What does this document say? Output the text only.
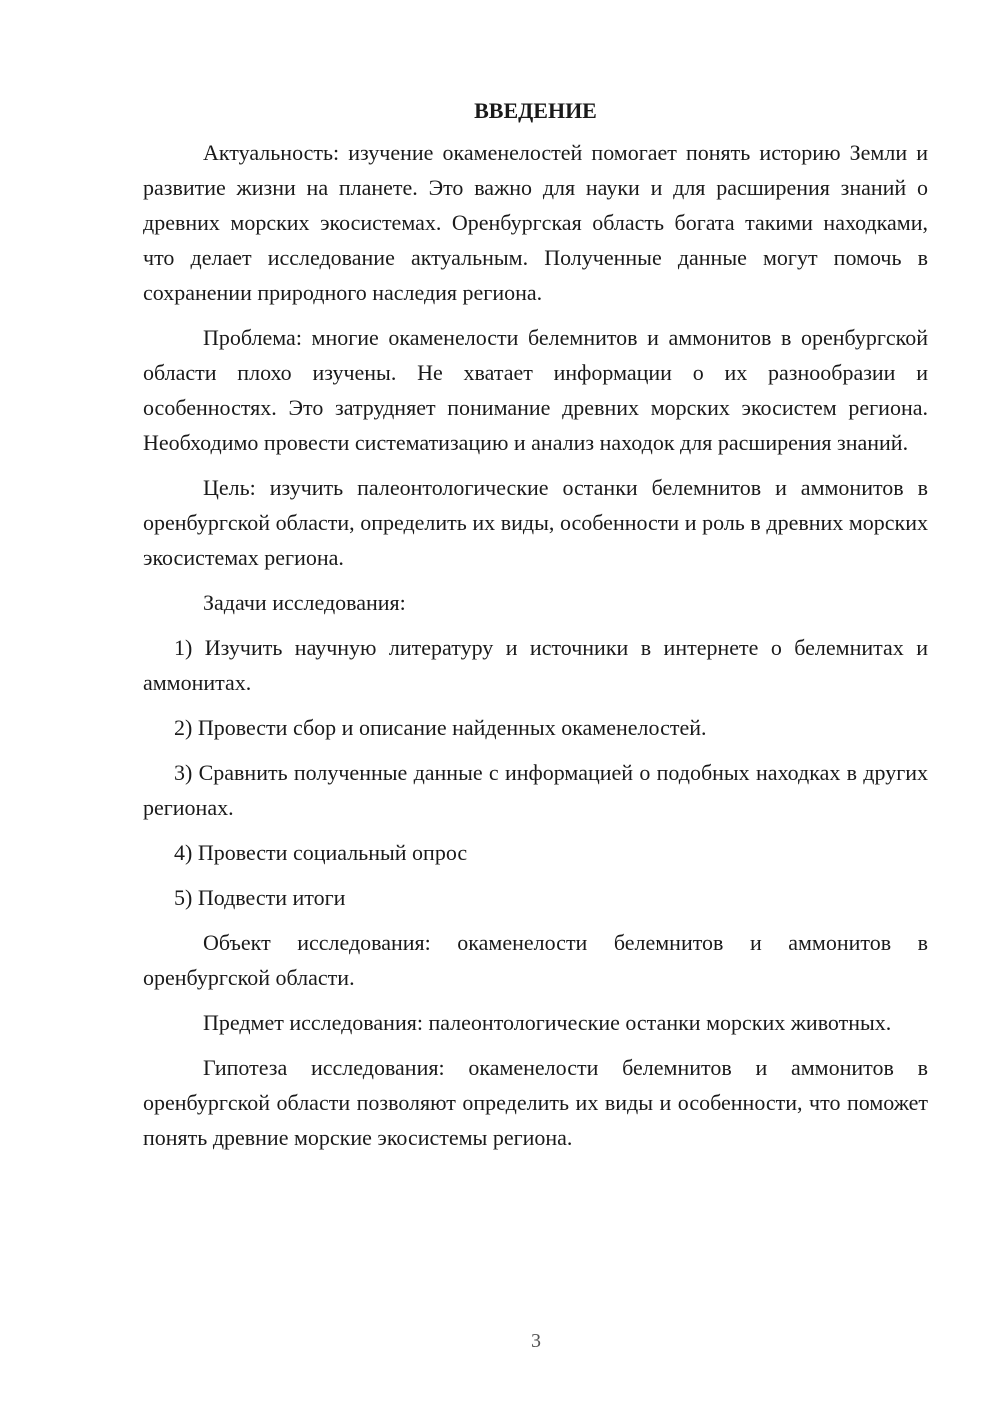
ВВЕДЕНИЕ

Актуальность: изучение окаменелостей помогает понять историю Земли и развитие жизни на планете. Это важно для науки и для расширения знаний о древних морских экосистемах. Оренбургская область богата такими находками, что делает исследование актуальным. Полученные данные могут помочь в сохранении природного наследия региона.

Проблема: многие окаменелости белемнитов и аммонитов в оренбургской области плохо изучены. Не хватает информации о их разнообразии и особенностях. Это затрудняет понимание древних морских экосистем региона. Необходимо провести систематизацию и анализ находок для расширения знаний.

Цель: изучить палеонтологические останки белемнитов и аммонитов в оренбургской области, определить их виды, особенности и роль в древних морских экосистемах региона.

Задачи исследования:

1) Изучить научную литературу и источники в интернете о белемнитах и аммонитах.

2) Провести сбор и описание найденных окаменелостей.

3) Сравнить полученные данные с информацией о подобных находках в других регионах.

4) Провести социальный опрос

5) Подвести итоги

Объект исследования: окаменелости белемнитов и аммонитов в оренбургской области.

Предмет исследования: палеонтологические останки морских животных.

Гипотеза исследования: окаменелости белемнитов и аммонитов в оренбургской области позволяют определить их виды и особенности, что поможет понять древние морские экосистемы региона.

3
